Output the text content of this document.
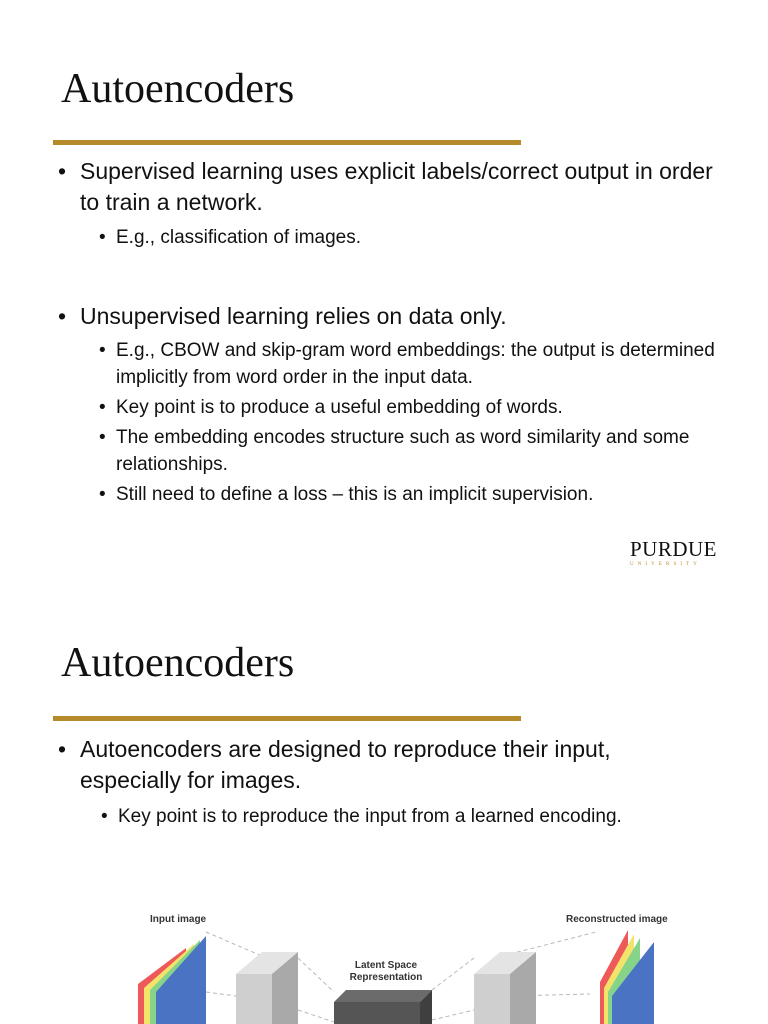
Autoencoders

• Supervised learning uses explicit labels/correct output in order to train a network.

• E.g., classification of images.

• Unsupervised learning relies on data only.

• E.g., CBOW and skip-gram word embeddings: the output is determined implicitly from word order in the input data.

• Key point is to produce a useful embedding of words.

• The embedding encodes structure such as word similarity and some relationships.

• Still need to define a loss – this is an implicit supervision.

PURDUE
UNIVERSITY
Autoencoders

• Autoencoders are designed to reproduce their input, especially for images.

• Key point is to reproduce the input from a learned encoding.

Input image	Reconstructed image
Latent Space
Representation
